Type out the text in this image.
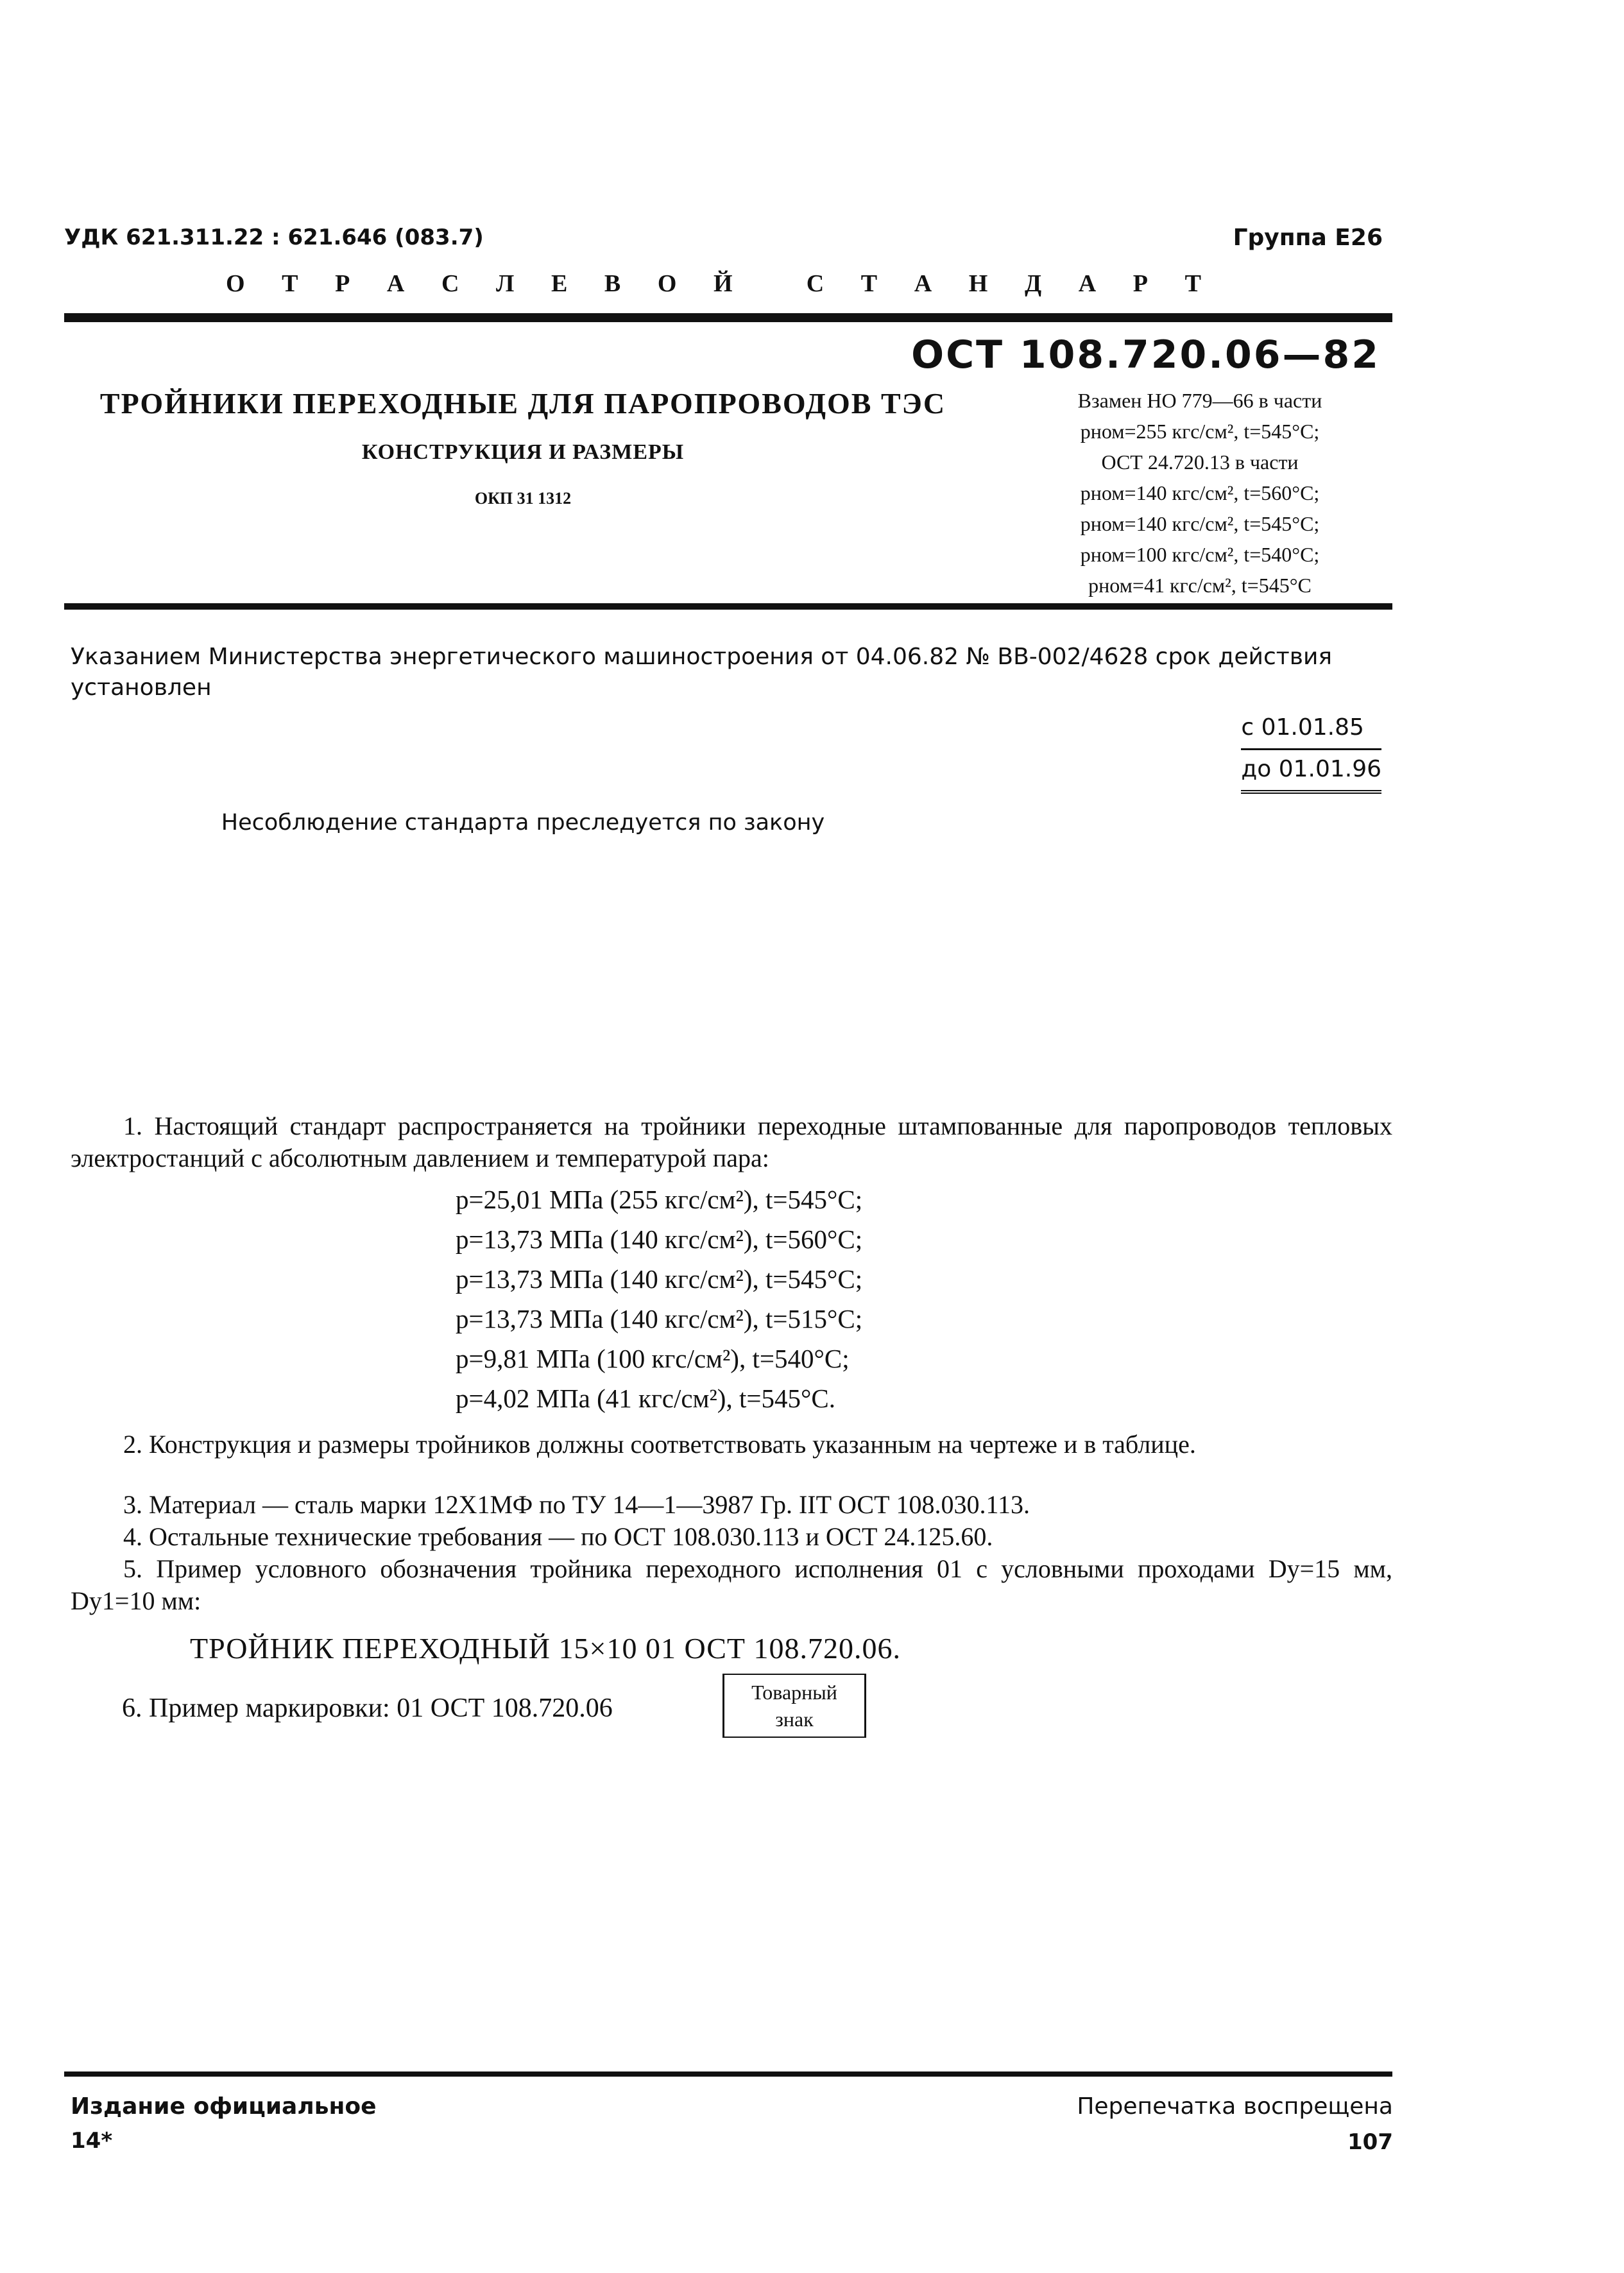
УДК 621.311.22 : 621.646 (083.7)	Группа Е26
О Т Р А С Л Е В О Й	С Т А Н Д А Р Т
ОСТ 108.720.06—82
ТРОЙНИКИ ПЕРЕХОДНЫЕ ДЛЯ ПАРОПРОВОДОВ ТЭС
КОНСТРУКЦИЯ И РАЗМЕРЫ
ОКП 31 1312
Взамен НО 779—66 в части
pном=255 кгс/см², t=545°С;
ОСТ 24.720.13 в части
pном=140 кгс/см², t=560°С;
pном=140 кгс/см², t=545°С;
pном=100 кгс/см², t=540°С;
pном=41 кгс/см², t=545°С
Указанием Министерства энергетического машиностроения от 04.06.82 № ВВ-002/4628 срок действия установлен
с 01.01.85
до 01.01.96
Несоблюдение стандарта преследуется по закону
1. Настоящий стандарт распространяется на тройники переходные штампованные для паропроводов тепловых электростанций с абсолютным давлением и температурой пара:
p=25,01 МПа (255 кгс/см²), t=545°С;
p=13,73 МПа (140 кгс/см²), t=560°С;
p=13,73 МПа (140 кгс/см²), t=545°С;
p=13,73 МПа (140 кгс/см²), t=515°С;
p=9,81 МПа (100 кгс/см²), t=540°С;
p=4,02 МПа (41 кгс/см²), t=545°С.
2. Конструкция и размеры тройников должны соответствовать указанным на чертеже и в таблице.
3. Материал — сталь марки 12Х1МФ по ТУ 14—1—3987 Гр. IIТ ОСТ 108.030.113.
4. Остальные технические требования — по ОСТ 108.030.113 и ОСТ 24.125.60.
5. Пример условного обозначения тройника переходного исполнения 01 с условными проходами Dу=15 мм, Dу1=10 мм:
ТРОЙНИК ПЕРЕХОДНЫЙ 15×10 01 ОСТ 108.720.06.
6. Пример маркировки: 01 ОСТ 108.720.06
Товарный
знак
Издание официальное	Перепечатка воспрещена
14*	107
